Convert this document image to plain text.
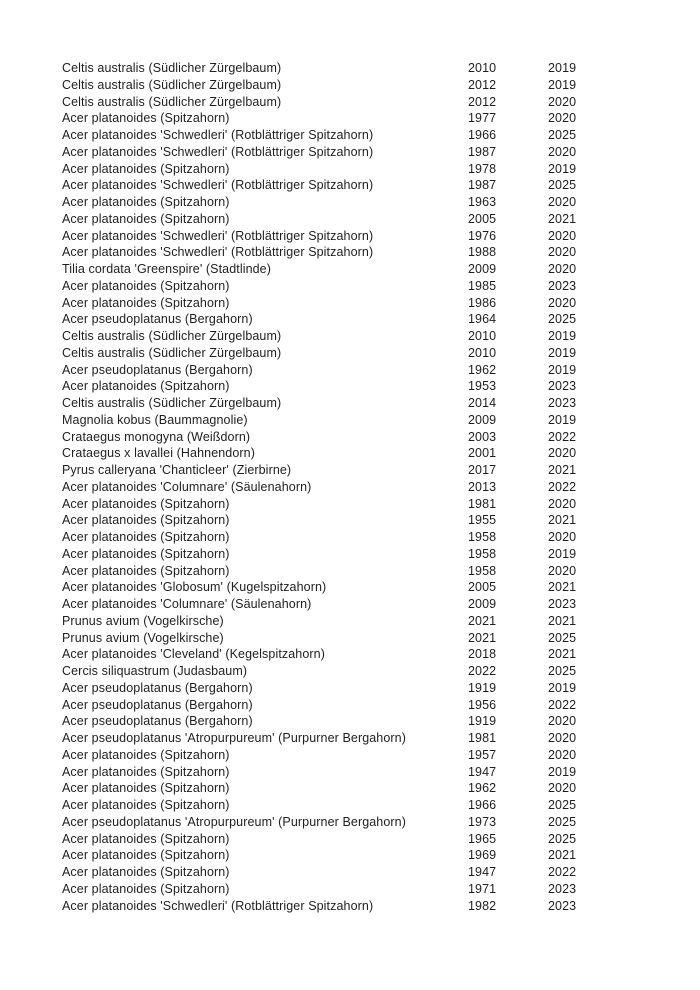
Celtis australis (Südlicher Zürgelbaum)	2010	2019
Celtis australis (Südlicher Zürgelbaum)	2012	2019
Celtis australis (Südlicher Zürgelbaum)	2012	2020
Acer platanoides (Spitzahorn)	1977	2020
Acer platanoides 'Schwedleri' (Rotblättriger Spitzahorn)	1966	2025
Acer platanoides 'Schwedleri' (Rotblättriger Spitzahorn)	1987	2020
Acer platanoides (Spitzahorn)	1978	2019
Acer platanoides 'Schwedleri' (Rotblättriger Spitzahorn)	1987	2025
Acer platanoides (Spitzahorn)	1963	2020
Acer platanoides (Spitzahorn)	2005	2021
Acer platanoides 'Schwedleri' (Rotblättriger Spitzahorn)	1976	2020
Acer platanoides 'Schwedleri' (Rotblättriger Spitzahorn)	1988	2020
Tilia cordata 'Greenspire' (Stadtlinde)	2009	2020
Acer platanoides (Spitzahorn)	1985	2023
Acer platanoides (Spitzahorn)	1986	2020
Acer pseudoplatanus (Bergahorn)	1964	2025
Celtis australis (Südlicher Zürgelbaum)	2010	2019
Celtis australis (Südlicher Zürgelbaum)	2010	2019
Acer pseudoplatanus (Bergahorn)	1962	2019
Acer platanoides (Spitzahorn)	1953	2023
Celtis australis (Südlicher Zürgelbaum)	2014	2023
Magnolia kobus (Baummagnolie)	2009	2019
Crataegus monogyna (Weißdorn)	2003	2022
Crataegus x lavallei (Hahnendorn)	2001	2020
Pyrus calleryana 'Chanticleer' (Zierbirne)	2017	2021
Acer platanoides 'Columnare' (Säulenahorn)	2013	2022
Acer platanoides (Spitzahorn)	1981	2020
Acer platanoides (Spitzahorn)	1955	2021
Acer platanoides (Spitzahorn)	1958	2020
Acer platanoides (Spitzahorn)	1958	2019
Acer platanoides (Spitzahorn)	1958	2020
Acer platanoides 'Globosum' (Kugelspitzahorn)	2005	2021
Acer platanoides 'Columnare' (Säulenahorn)	2009	2023
Prunus avium (Vogelkirsche)	2021	2021
Prunus avium (Vogelkirsche)	2021	2025
Acer platanoides 'Cleveland' (Kegelspitzahorn)	2018	2021
Cercis siliquastrum (Judasbaum)	2022	2025
Acer pseudoplatanus (Bergahorn)	1919	2019
Acer pseudoplatanus (Bergahorn)	1956	2022
Acer pseudoplatanus (Bergahorn)	1919	2020
Acer pseudoplatanus 'Atropurpureum' (Purpurner Bergahorn)	1981	2020
Acer platanoides (Spitzahorn)	1957	2020
Acer platanoides (Spitzahorn)	1947	2019
Acer platanoides (Spitzahorn)	1962	2020
Acer platanoides (Spitzahorn)	1966	2025
Acer pseudoplatanus 'Atropurpureum' (Purpurner Bergahorn)	1973	2025
Acer platanoides (Spitzahorn)	1965	2025
Acer platanoides (Spitzahorn)	1969	2021
Acer platanoides (Spitzahorn)	1947	2022
Acer platanoides (Spitzahorn)	1971	2023
Acer platanoides 'Schwedleri' (Rotblättriger Spitzahorn)	1982	2023
